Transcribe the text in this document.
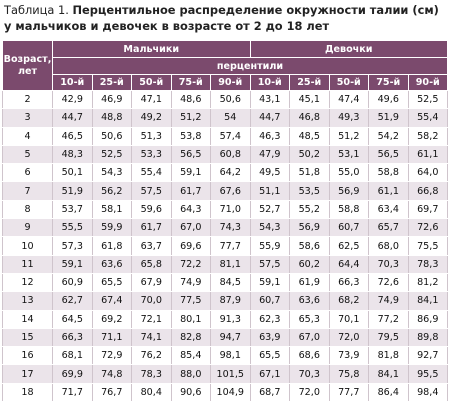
Таблица 1. Перцентильное распределение окружности талии (см)
у мальчиков и девочек в возрасте от 2 до 18 лет
Возраст, лет	Мальчики					Девочки				
	перцентили									
	10-й	25-й	50-й	75-й	90-й	10-й	25-й	50-й	75-й	90-й
2	42,9	46,9	47,1	48,6	50,6	43,1	45,1	47,4	49,6	52,5
3	44,7	48,8	49,2	51,2	54	44,7	46,8	49,3	51,9	55,4
4	46,5	50,6	51,3	53,8	57,4	46,3	48,5	51,2	54,2	58,2
5	48,3	52,5	53,3	56,5	60,8	47,9	50,2	53,1	56,5	61,1
6	50,1	54,3	55,4	59,1	64,2	49,5	51,8	55,0	58,8	64,0
7	51,9	56,2	57,5	61,7	67,6	51,1	53,5	56,9	61,1	66,8
8	53,7	58,1	59,6	64,3	71,0	52,7	55,2	58,8	63,4	69,7
9	55,5	59,9	61,7	67,0	74,3	54,3	56,9	60,7	65,7	72,6
10	57,3	61,8	63,7	69,6	77,7	55,9	58,6	62,5	68,0	75,5
11	59,1	63,6	65,8	72,2	81,1	57,5	60,2	64,4	70,3	78,3
12	60,9	65,5	67,9	74,9	84,5	59,1	61,9	66,3	72,6	81,2
13	62,7	67,4	70,0	77,5	87,9	60,7	63,6	68,2	74,9	84,1
14	64,5	69,2	72,1	80,1	91,3	62,3	65,3	70,1	77,2	86,9
15	66,3	71,1	74,1	82,8	94,7	63,9	67,0	72,0	79,5	89,8
16	68,1	72,9	76,2	85,4	98,1	65,5	68,6	73,9	81,8	92,7
17	69,9	74,8	78,3	88,0	101,5	67,1	70,3	75,8	84,1	95,5
18	71,7	76,7	80,4	90,6	104,9	68,7	72,0	77,7	86,4	98,4
